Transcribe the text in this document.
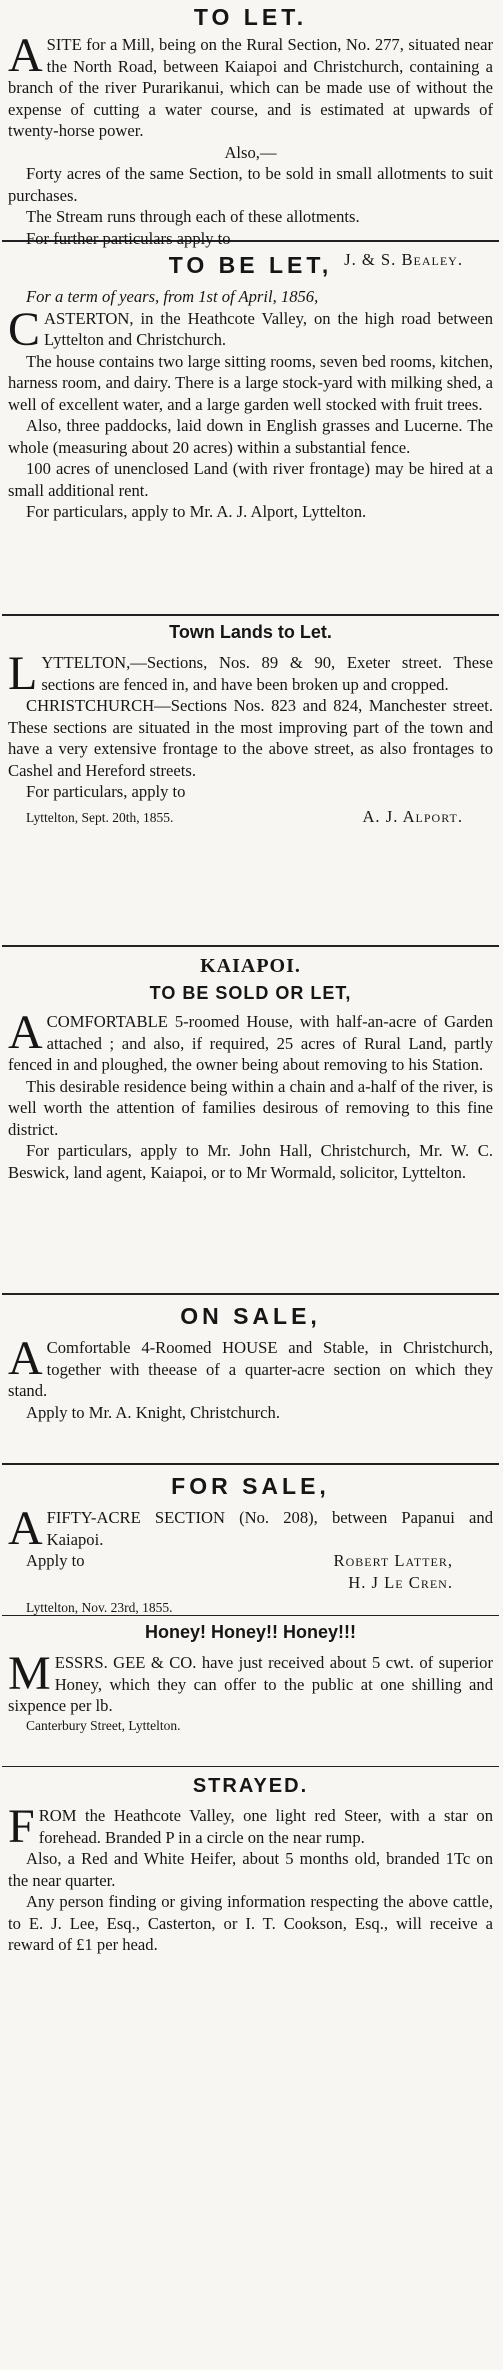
TO LET.

ASITE for a Mill, being on the Rural Section, No. 277, situated near the North Road, between Kaiapoi and Christchurch, containing a branch of the river Purarikanui, which can be made use of without the expense of cutting a water course, and is estimated at upwards of twenty-horse power.

Also,—

Forty acres of the same Section, to be sold in small allotments to suit purchases.

The Stream runs through each of these allotments.

For further particulars apply to

J. & S. Bealey.

TO BE LET,

For a term of years, from 1st of April, 1856,

CASTERTON, in the Heathcote Valley, on the high road between Lyttelton and Christchurch.

The house contains two large sitting rooms, seven bed rooms, kitchen, harness room, and dairy. There is a large stock-yard with milking shed, a well of excellent water, and a large garden well stocked with fruit trees.

Also, three paddocks, laid down in English grasses and Lucerne. The whole (measuring about 20 acres) within a substantial fence.

100 acres of unenclosed Land (with river frontage) may be hired at a small additional rent.

For particulars, apply to Mr. A. J. Alport, Lyttelton.

Town Lands to Let.

LYTTELTON,—Sections, Nos. 89 & 90, Exeter street. These sections are fenced in, and have been broken up and cropped.

CHRISTCHURCH—Sections Nos. 823 and 824, Manchester street. These sections are situated in the most improving part of the town and have a very extensive frontage to the above street, as also frontages to Cashel and Hereford streets.

For particulars, apply to

Lyttelton, Sept. 20th, 1855.	A. J. Alport.
KAIAPOI.
TO BE SOLD OR LET,

ACOMFORTABLE 5-roomed House, with half-an-acre of Garden attached ; and also, if required, 25 acres of Rural Land, partly fenced in and ploughed, the owner being about removing to his Station.

This desirable residence being within a chain and a-half of the river, is well worth the attention of families desirous of removing to this fine district.

For particulars, apply to Mr. John Hall, Christchurch, Mr. W. C. Beswick, land agent, Kaiapoi, or to Mr Wormald, solicitor, Lyttelton.

ON SALE,

A Comfortable 4-Roomed HOUSE and Stable, in Christchurch, together with theease of a quarter-acre section on which they stand.

Apply to Mr. A. Knight, Christchurch.

FOR SALE,

AFIFTY-ACRE SECTION (No. 208), between Papanui and Kaiapoi.

Apply to	Robert Latter,
H. J Le Cren.

Lyttelton, Nov. 23rd, 1855.

Honey! Honey!! Honey!!!

MESSRS. GEE & CO. have just received about 5 cwt. of superior Honey, which they can offer to the public at one shilling and sixpence per lb.

Canterbury Street, Lyttelton.

STRAYED.

FROM the Heathcote Valley, one light red Steer, with a star on forehead. Branded P in a circle on the near rump.

Also, a Red and White Heifer, about 5 months old, branded 1Tc on the near quarter.

Any person finding or giving information respecting the above cattle, to E. J. Lee, Esq., Casterton, or I. T. Cookson, Esq., will receive a reward of £1 per head.
